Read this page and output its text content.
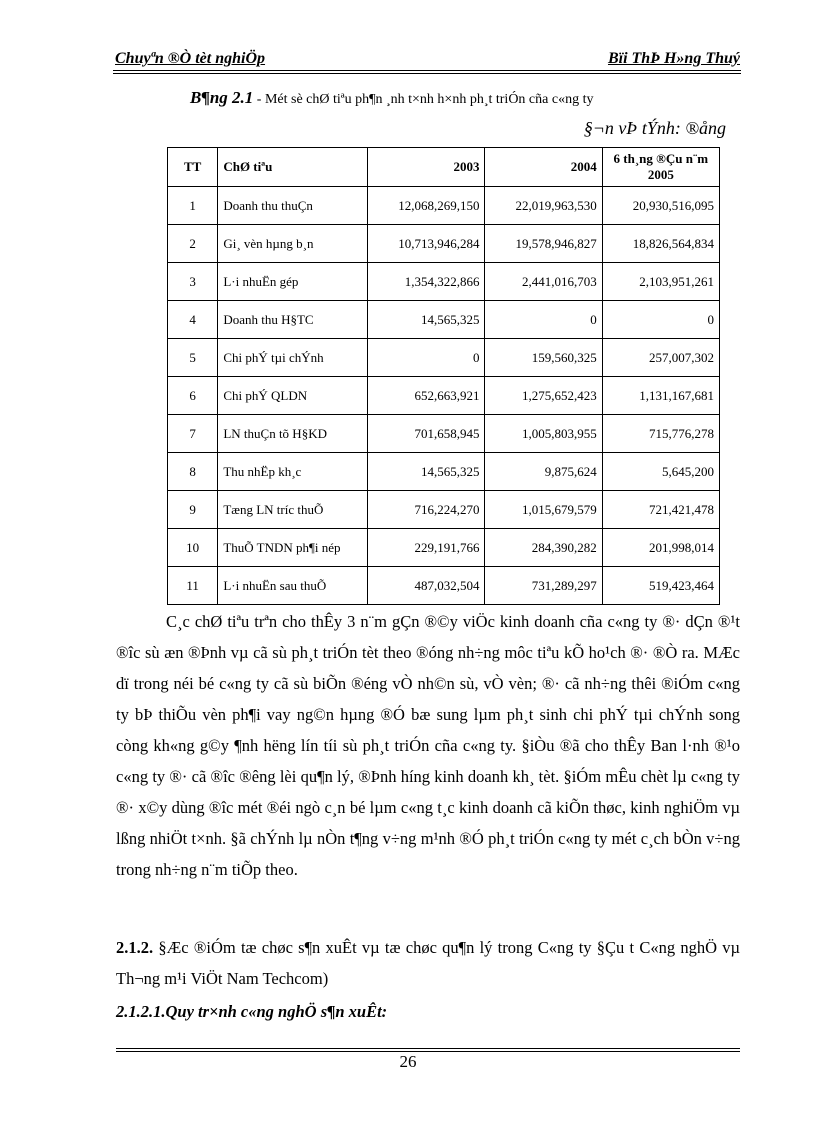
Chuyªn ®Ò tèt nghiÖp	Bïi ThÞ H»ng Thuý
B¶ng 2.1 - Mét sè chØ tiªu ph¶n ¸nh t×nh h×nh ph¸t triÓn cña c«ng ty
§¬n vÞ tÝnh: ®ång
TT	ChØ tiªu	2003	2004	6 th¸ng ®Çu n¨m 2005
1	Doanh thu thuÇn	12,068,269,150	22,019,963,530	20,930,516,095
2	Gi¸ vèn hµng b¸n	10,713,946,284	19,578,946,827	18,826,564,834
3	L·i nhuËn gép	1,354,322,866	2,441,016,703	2,103,951,261
4	Doanh thu H§TC	14,565,325	0	0
5	Chi phÝ tµi chÝnh	0	159,560,325	257,007,302
6	Chi phÝ QLDN	652,663,921	1,275,652,423	1,131,167,681
7	LN thuÇn tõ H§KD	701,658,945	1,005,803,955	715,776,278
8	Thu nhËp kh¸c	14,565,325	9,875,624	5,645,200
9	Tæng LN tríc thuÕ	716,224,270	1,015,679,579	721,421,478
10	ThuÕ TNDN ph¶i nép	229,191,766	284,390,282	201,998,014
11	L·i nhuËn sau thuÕ	487,032,504	731,289,297	519,423,464

C¸c chØ tiªu trªn cho thÊy 3 n¨m gÇn ®©y viÖc kinh doanh cña c«ng ty ®· dÇn ®¹t ®îc sù æn ®Þnh vµ cã sù ph¸t triÓn tèt theo ®óng nh÷ng môc tiªu kÕ ho¹ch ®· ®Ò ra. MÆc dï trong néi bé c«ng ty cã sù biÕn ®éng vÒ nh©n sù, vÒ vèn; ®· cã nh÷ng thêi ®iÓm c«ng ty bÞ thiÕu vèn ph¶i vay ng©n hµng ®Ó bæ sung lµm ph¸t sinh chi phÝ tµi chÝnh song còng kh«ng g©y ¶nh hëng lín tíi sù ph¸t triÓn cña c«ng ty. §iÒu ®ã cho thÊy Ban l·nh ®¹o c«ng ty ®· cã ®îc ®êng lèi qu¶n lý, ®Þnh híng kinh doanh kh¸ tèt. §iÓm mÊu chèt lµ c«ng ty ®· x©y dùng ®îc mét ®éi ngò c¸n bé lµm c«ng t¸c kinh doanh cã kiÕn thøc, kinh nghiÖm vµ lßng nhiÖt t×nh. §ã chÝnh lµ nÒn t¶ng v÷ng m¹nh ®Ó ph¸t triÓn c«ng ty mét c¸ch bÒn v÷ng trong nh÷ng n¨m tiÕp theo.

2.1.2. §Æc ®iÓm tæ chøc s¶n xuÊt vµ tæ chøc qu¶n lý trong C«ng ty §Çu t C«ng nghÖ vµ Th¬ng m¹i ViÖt Nam Techcom)
2.1.2.1.Quy tr×nh c«ng nghÖ s¶n xuÊt:
26
